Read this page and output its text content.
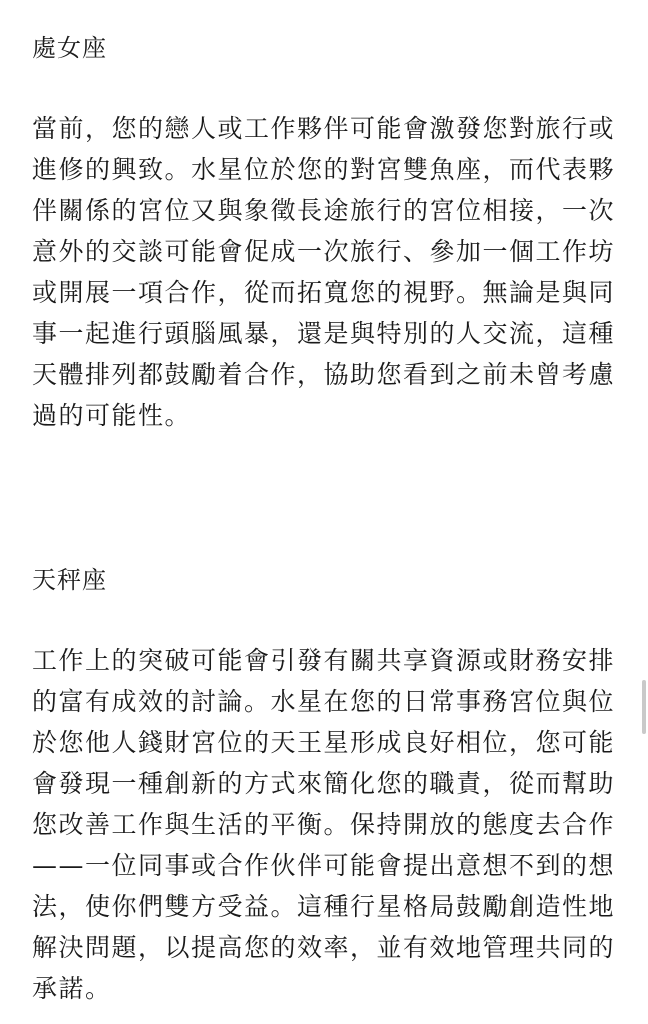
處女座

當前，您的戀人或工作夥伴可能會激發您對旅行或進修的興致。水星位於您的對宮雙魚座，而代表夥伴關係的宮位又與象徵長途旅行的宮位相接，一次意外的交談可能會促成一次旅行、參加一個工作坊或開展一項合作，從而拓寬您的視野。無論是與同事一起進行頭腦風暴，還是與特別的人交流，這種天體排列都鼓勵着合作，協助您看到之前未曾考慮過的可能性。

天秤座

工作上的突破可能會引發有關共享資源或財務安排的富有成效的討論。水星在您的日常事務宮位與位於您他人錢財宮位的天王星形成良好相位，您可能會發現一種創新的方式來簡化您的職責，從而幫助您改善工作與生活的平衡。保持開放的態度去合作——一位同事或合作伙伴可能會提出意想不到的想法，使你們雙方受益。這種行星格局鼓勵創造性地解決問題，以提高您的效率，並有效地管理共同的承諾。
